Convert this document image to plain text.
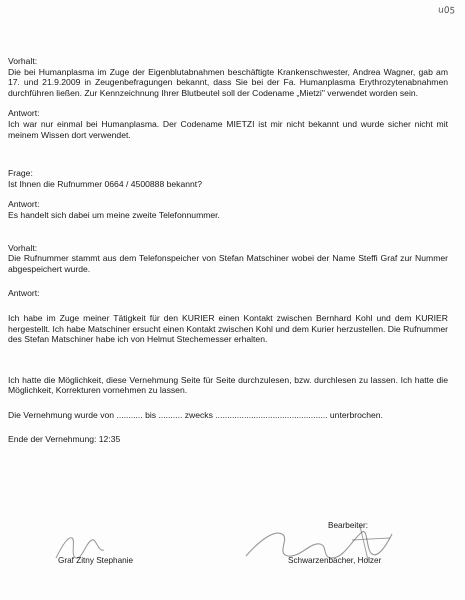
u05
Vorhalt:
Die bei Humanplasma im Zuge der Eigenblutabnahmen beschäftigte Krankenschwester, Andrea Wagner, gab am 17. und 21.9.2009 in Zeugenbefragungen bekannt, dass Sie bei der Fa. Humanplasma Erythrozytenabnahmen durchführen ließen. Zur Kennzeichnung Ihrer Blutbeutel soll der Codename „Mietzi" verwendet worden sein.
Antwort:
Ich war nur einmal bei Humanplasma. Der Codename MIETZI ist mir nicht bekannt und wurde sicher nicht mit meinem Wissen dort verwendet.
Frage:
Ist Ihnen die Rufnummer 0664 / 4500888 bekannt?
Antwort:
Es handelt sich dabei um meine zweite Telefonnummer.
Vorhalt:
Die Rufnummer stammt aus dem Telefonspeicher von Stefan Matschiner wobei der Name Steffi Graf zur Nummer abgespeichert wurde.
Antwort:
Ich habe im Zuge meiner Tätigkeit für den KURIER einen Kontakt zwischen Bernhard Kohl und dem KURIER hergestellt. Ich habe Matschiner ersucht einen Kontakt zwischen Kohl und dem Kurier herzustellen. Die Rufnummer des Stefan Matschiner habe ich von Helmut Stechemesser erhalten.
Ich hatte die Möglichkeit, diese Vernehmung Seite für Seite durchzulesen, bzw. durchlesen zu lassen. Ich hatte die Möglichkeit, Korrekturen vornehmen zu lassen.
Die Vernehmung wurde von ........... bis .......... zwecks ............................................... unterbrochen.
Ende der Vernehmung: 12:35
Graf Zitny Stephanie
Bearbeiter:
Schwarzenbacher, Holzer
